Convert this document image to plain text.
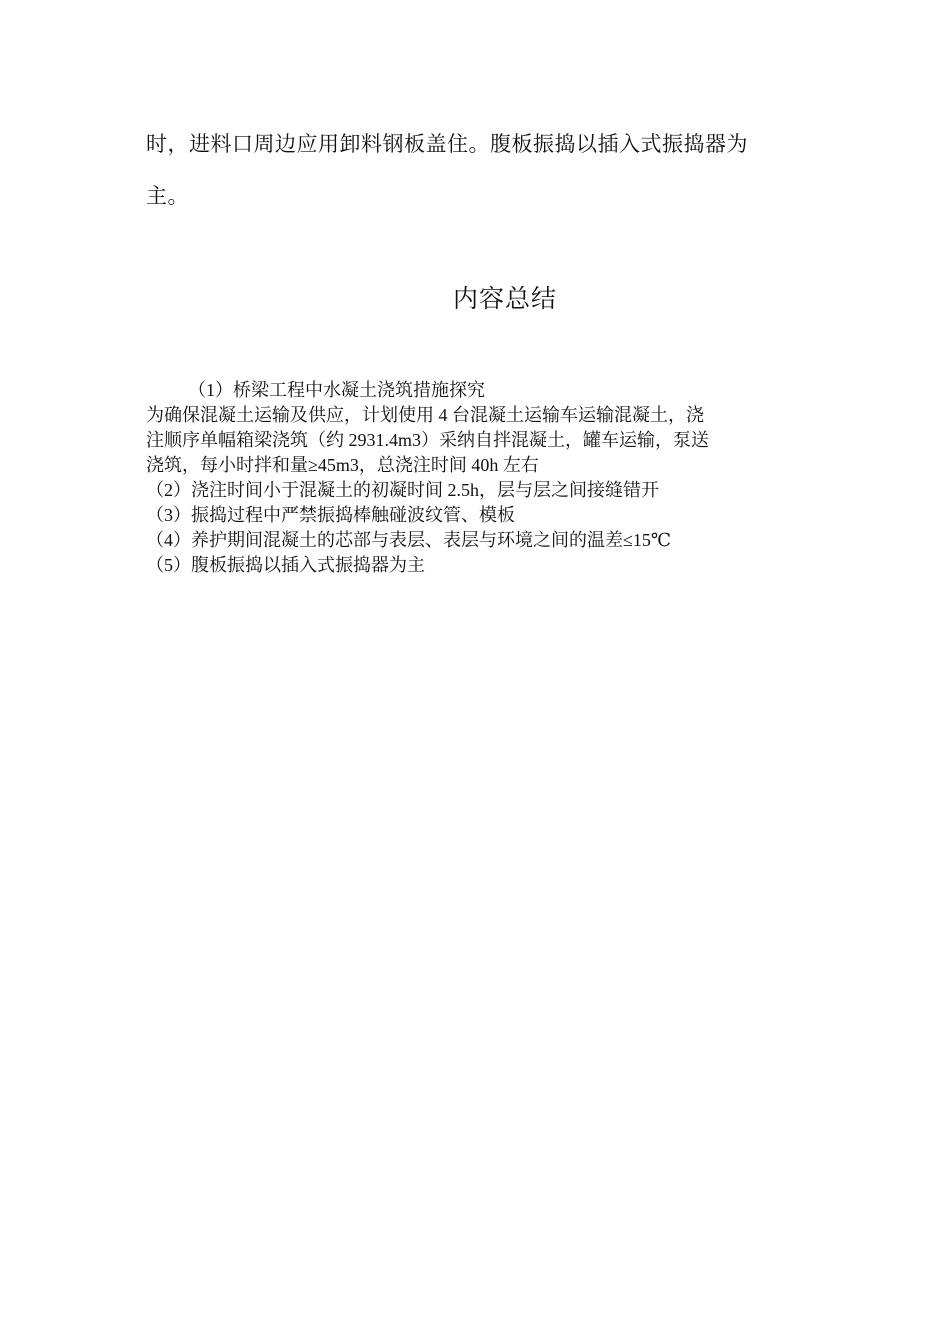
时，进料口周边应用卸料钢板盖住。腹板振捣以插入式振捣器为

主。

内容总结

（1）桥梁工程中水凝土浇筑措施探究

为确保混凝土运输及供应，计划使用 4 台混凝土运输车运输混凝土，浇

注顺序单幅箱梁浇筑（约 2931.4m3）采纳自拌混凝土，罐车运输，泵送

浇筑，每小时拌和量≥45m3，总浇注时间 40h 左右

（2）浇注时间小于混凝土的初凝时间 2.5h，层与层之间接缝错开

（3）振捣过程中严禁振捣棒触碰波纹管、模板

（4）养护期间混凝土的芯部与表层、表层与环境之间的温差≤15℃

（5）腹板振捣以插入式振捣器为主
